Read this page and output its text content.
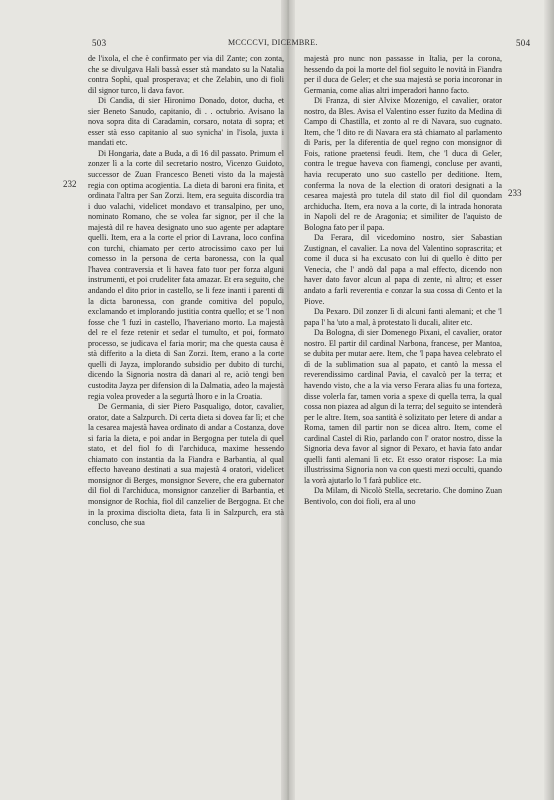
503	MCCCCVI, DICEMBRE.	504
232
233

de l'ixola, el che è confirmato per via dil Zante; con zonta, che se divulgava Hali bassà esser stà mandato su la Natalia contra Sophì, qual prosperava; et che Zelabin, uno di fioli dil signor turco, li dava favor.

Di Candia, di sier Hironimo Donado, dotor, ducha, et sier Beneto Sanudo, capitanio, di . . octubrio. Avisano la nova sopra dita di Caradamin, corsaro, notata di sopra; et esser stà esso capitanio al suo synicha' in l'isola, juxta i mandati etc.

Di Hongaria, date a Buda, a dì 16 dil passato. Primum el zonzer lì a la corte dil secretario nostro, Vicenzo Guidoto, successor de Zuan Francesco Beneti visto da la majestà regia con optima acogientia. La dieta di baroni era finita, et ordinata l'altra per San Zorzi. Item, era seguita discordia tra i duo valachi, videlicet mondavo et transalpino, per uno, nominato Romano, che se volea far signor, per il che la majestà dil re havea designato uno suo agente per adaptare quelli. Item, era a la corte el prior di Lavrana, loco confina con turchi, chiamato per certo atrocissimo caxo per lui comesso in la persona de certa baronessa, con la qual l'havea contraversia et li havea fato tuor per forza alguni instrumenti, et poi crudeliter fata amazar. Et era seguito, che andando el dito prior in castello, se li feze inanti i parenti di la dicta baronessa, con grande comitiva del populo, exclamando et implorando justitia contra quello; et se 'l non fosse che 'l fuzì in castello, l'haveriano morto. La majestà del re el feze retenir et sedar el tumulto, et poi, formato processo, se judicava el faria morir; ma che questa causa è stà differito a la dieta di San Zorzi. Item, erano a la corte quelli di Jayza, implorando subsidio per dubito di turchi, dicendo la Signoria nostra dà danari al re, aciò tengi ben custodita Jayza per difension di la Dalmatia, adeo la majestà regia volea proveder a la segurtà lhoro e in la Croatia.

De Germania, di sier Piero Pasqualigo, dotor, cavalier, orator, date a Salzpurch. Di certa dieta si dovea far lì; et che la cesarea majestà havea ordinato di andar a Costanza, dove si faria la dieta, e poi andar in Bergogna per tutela di quel stato, et del fiol fo di l'archiduca, maxime hessendo chiamato con instantia da la Fiandra e Barbantia, al qual effecto haveano destinati a sua majestà 4 oratori, videlicet monsignor di Berges, monsignor Severe, che era gubernator dil fiol di l'archiduca, monsignor canzelier di Barbantia, et monsignor de Rochia, fiol dil canzelier de Bergogna. Et che in la proxima disciolta dieta, fata lì in Salzpurch, era stà concluso, che sua

majestà pro nunc non passasse in Italia, per la corona, hessendo da poi la morte del fiol seguito le novità in Fiandra per il duca de Geler; et che sua majestà se poria incoronar in Germania, come alias altri imperadori hanno facto.

Di Franza, di sier Alvixe Mozenigo, el cavalier, orator nostro, da Bles. Avisa el Valentino esser fuzito da Medina di Campo di Chastilla, et zonto al re di Navara, suo cugnato. Item, che 'l dito re di Navara era stà chiamato al parlamento di Paris, per la diferentia de quel regno con monsignor di Fois, ratione praetensi feudi. Item, che 'l duca di Geler, contra le tregue haveva con fiamengi, concluse per avanti, havia recuperato uno suo castello per deditione. Item, conferma la nova de la election di oratori designati a la cesarea majestà pro tutela dil stato dil fiol dil quondam archiducha. Item, era nova a la corte, di la intrada honorata in Napoli del re de Aragonia; et similiter de l'aquisto de Bologna fato per il papa.

Da Ferara, dil vicedomino nostro, sier Sabastian Zustignan, el cavalier. La nova del Valentino soprascrita; et come il duca si ha excusato con lui di quello è ditto per Venecia, che l' andò dal papa a mal effecto, dicendo non haver dato favor alcun al papa di zente, nì altro; et esser andato a farli reverentia e conzar la sua cossa di Cento et la Piove.

Da Pexaro. Dil zonzer lì di alcuni fanti alemani; et che 'l papa l' ha 'uto a mal, à protestato li ducali, aliter etc.

Da Bologna, di sier Domenego Pixani, el cavalier, orator nostro. El partir dil cardinal Narbona, francese, per Mantoa, se dubita per mutar aere. Item, che 'l papa havea celebrato el dì de la sublimation sua al papato, et cantò la messa el reverendissimo cardinal Pavia, el cavalcò per la terra; et havendo visto, che a la via verso Ferara alias fu una forteza, disse volerla far, tamen voria a spexe di quella terra, la qual cossa non piazea ad algun di la terra; del seguito se intenderà per le altre. Item, soa santità è solizitato per letere di andar a Roma, tamen dil partir non se dicea altro. Item, come el cardinal Castel di Rio, parlando con l' orator nostro, disse la Signoria deva favor al signor di Pexaro, et havia fato andar quelli fanti alemani lì etc. Et esso orator rispose: La mia illustrissima Signoria non va con questi mezi occulti, quando la vorà ajutarlo lo 'l farà publice etc.

Da Milam, di Nicolò Stella, secretario. Che domino Zuan Bentivolo, con doi fioli, era al uno
